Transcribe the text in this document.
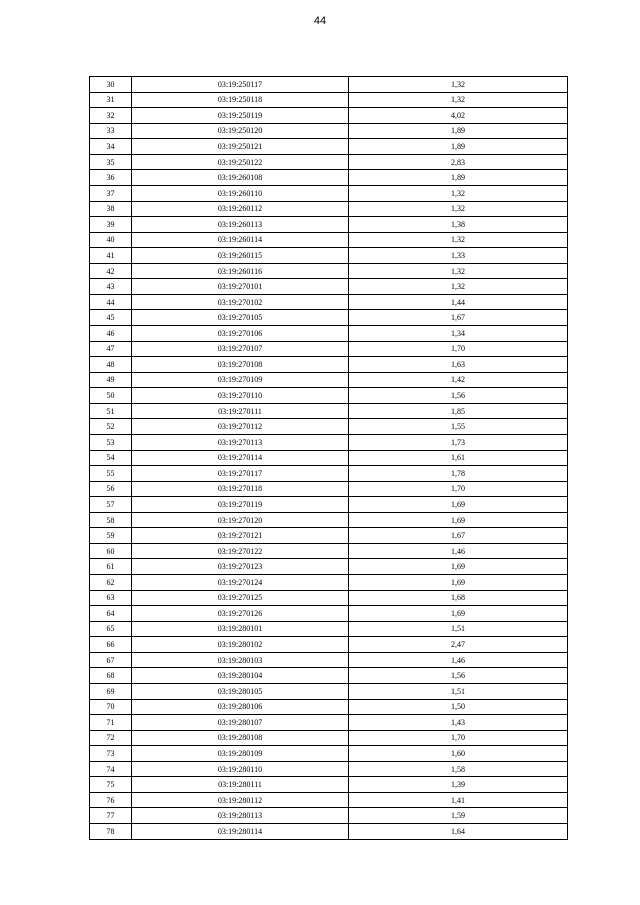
44
30	03:19:250117	1,32
31	03:19:250118	1,32
32	03:19:250119	4,02
33	03:19:250120	1,89
34	03:19:250121	1,89
35	03:19:250122	2,83
36	03:19:260108	1,89
37	03:19:260110	1,32
38	03:19:260112	1,32
39	03:19:260113	1,38
40	03:19:260114	1,32
41	03:19:260115	1,33
42	03:19:260116	1,32
43	03:19:270101	1,32
44	03:19:270102	1,44
45	03:19:270105	1,67
46	03:19:270106	1,34
47	03:19:270107	1,70
48	03:19:270108	1,63
49	03:19:270109	1,42
50	03:19:270110	1,56
51	03:19:270111	1,85
52	03:19:270112	1,55
53	03:19:270113	1,73
54	03:19:270114	1,61
55	03:19:270117	1,78
56	03:19:270118	1,70
57	03:19:270119	1,69
58	03:19:270120	1,69
59	03:19:270121	1,67
60	03:19:270122	1,46
61	03:19:270123	1,69
62	03:19:270124	1,69
63	03:19:270125	1,68
64	03:19:270126	1,69
65	03:19:280101	1,51
66	03:19:280102	2,47
67	03:19:280103	1,46
68	03:19:280104	1,56
69	03:19:280105	1,51
70	03:19:280106	1,50
71	03:19:280107	1,43
72	03:19:280108	1,70
73	03:19:280109	1,60
74	03:19:280110	1,58
75	03:19:280111	1,39
76	03:19:280112	1,41
77	03:19:280113	1,59
78	03:19:280114	1,64
